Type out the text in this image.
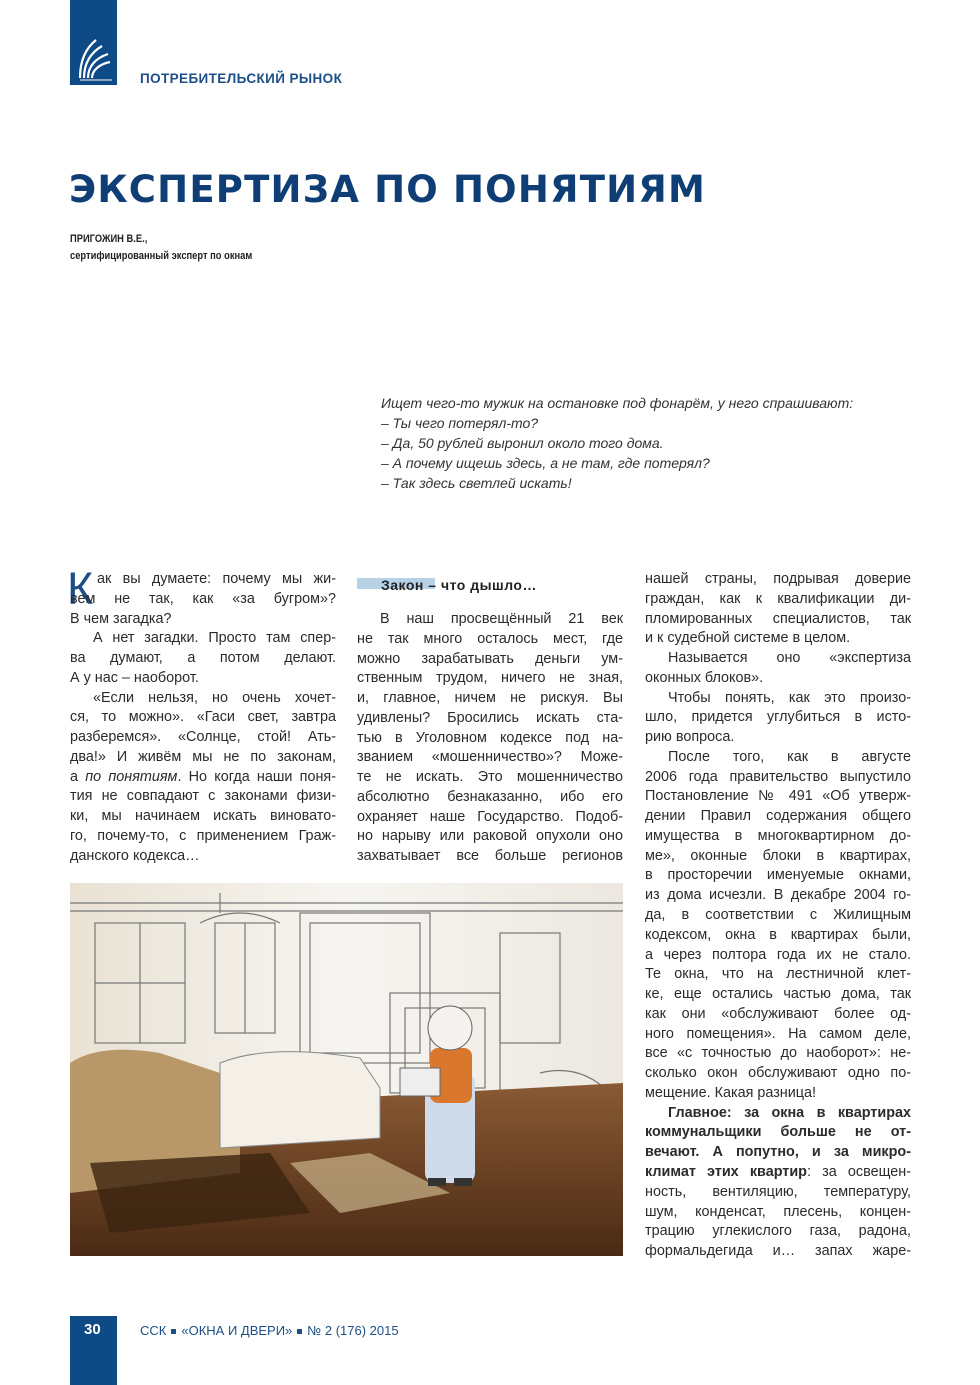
ПОТРЕБИТЕЛЬСКИЙ РЫНОК
ЭКСПЕРТИЗА ПО ПОНЯТИЯМ
ПРИГОЖИН В.Е.,
сертифицированный эксперт по окнам
Ищет чего-то мужик на остановке под фонарём, у него спрашивают:
– Ты чего потерял-то?
– Да, 50 рублей выронил около того дома.
– А почему ищешь здесь, а не там, где потерял?
– Так здесь светлей искать!
К ак вы думаете: почему мы жи-
вем не так, как «за бугром»?
В чем загадка?
А нет загадки. Просто там спер-
ва думают, а потом делают.
А у нас – наоборот.
«Если нельзя, но очень хочет-
ся, то можно». «Гаси свет, завтра
разберемся». «Солнце, стой! Ать-
два!» И живём мы не по законам,
а по понятиям. Но когда наши поня-
тия не совпадают с законами физи-
ки, мы начинаем искать виновато-
го, почему-то, с применением Граж-
данского кодекса…
Закон – что дышло…
В наш просвещённый 21 век
не так много осталось мест, где
можно зарабатывать деньги ум-
ственным трудом, ничего не зная,
и, главное, ничем не рискуя. Вы
удивлены? Бросились искать ста-
тью в Уголовном кодексе под на-
званием «мошенничество»? Може-
те не искать. Это мошенничество
абсолютно безнаказанно, ибо его
охраняет наше Государство. Подоб-
но нарыву или раковой опухоли оно
захватывает все больше регионов
нашей страны, подрывая доверие
граждан, как к квалификации ди-
пломированных специалистов, так
и к судебной системе в целом.
Называется оно «экспертиза
оконных блоков».
Чтобы понять, как это произо-
шло, придется углубиться в исто-
рию вопроса.
После того, как в августе
2006 года правительство выпустило
Постановление № 491 «Об утверж-
дении Правил содержания общего
имущества в многоквартирном до-
ме», оконные блоки в квартирах,
в просторечии именуемые окнами,
из дома исчезли. В декабре 2004 го-
да, в соответствии с Жилищным
кодексом, окна в квартирах были,
а через полтора года их не стало.
Те окна, что на лестничной клет-
ке, еще остались частью дома, так
как они «обслуживают более од-
ного помещения». На самом деле,
все «с точностью до наоборот»: не-
сколько окон обслуживают одно по-
мещение. Какая разница!
Главное: за окна в квартирах
коммунальщики больше не от-
вечают. А попутно, и за микро-
климат этих квартир: за освещен-
ность, вентиляцию, температуру,
шум, конденсат, плесень, концен-
трацию углекислого газа, радона,
формальдегида и… запах жаре-
30	ССК «ОКНА И ДВЕРИ» № 2 (176) 2015
